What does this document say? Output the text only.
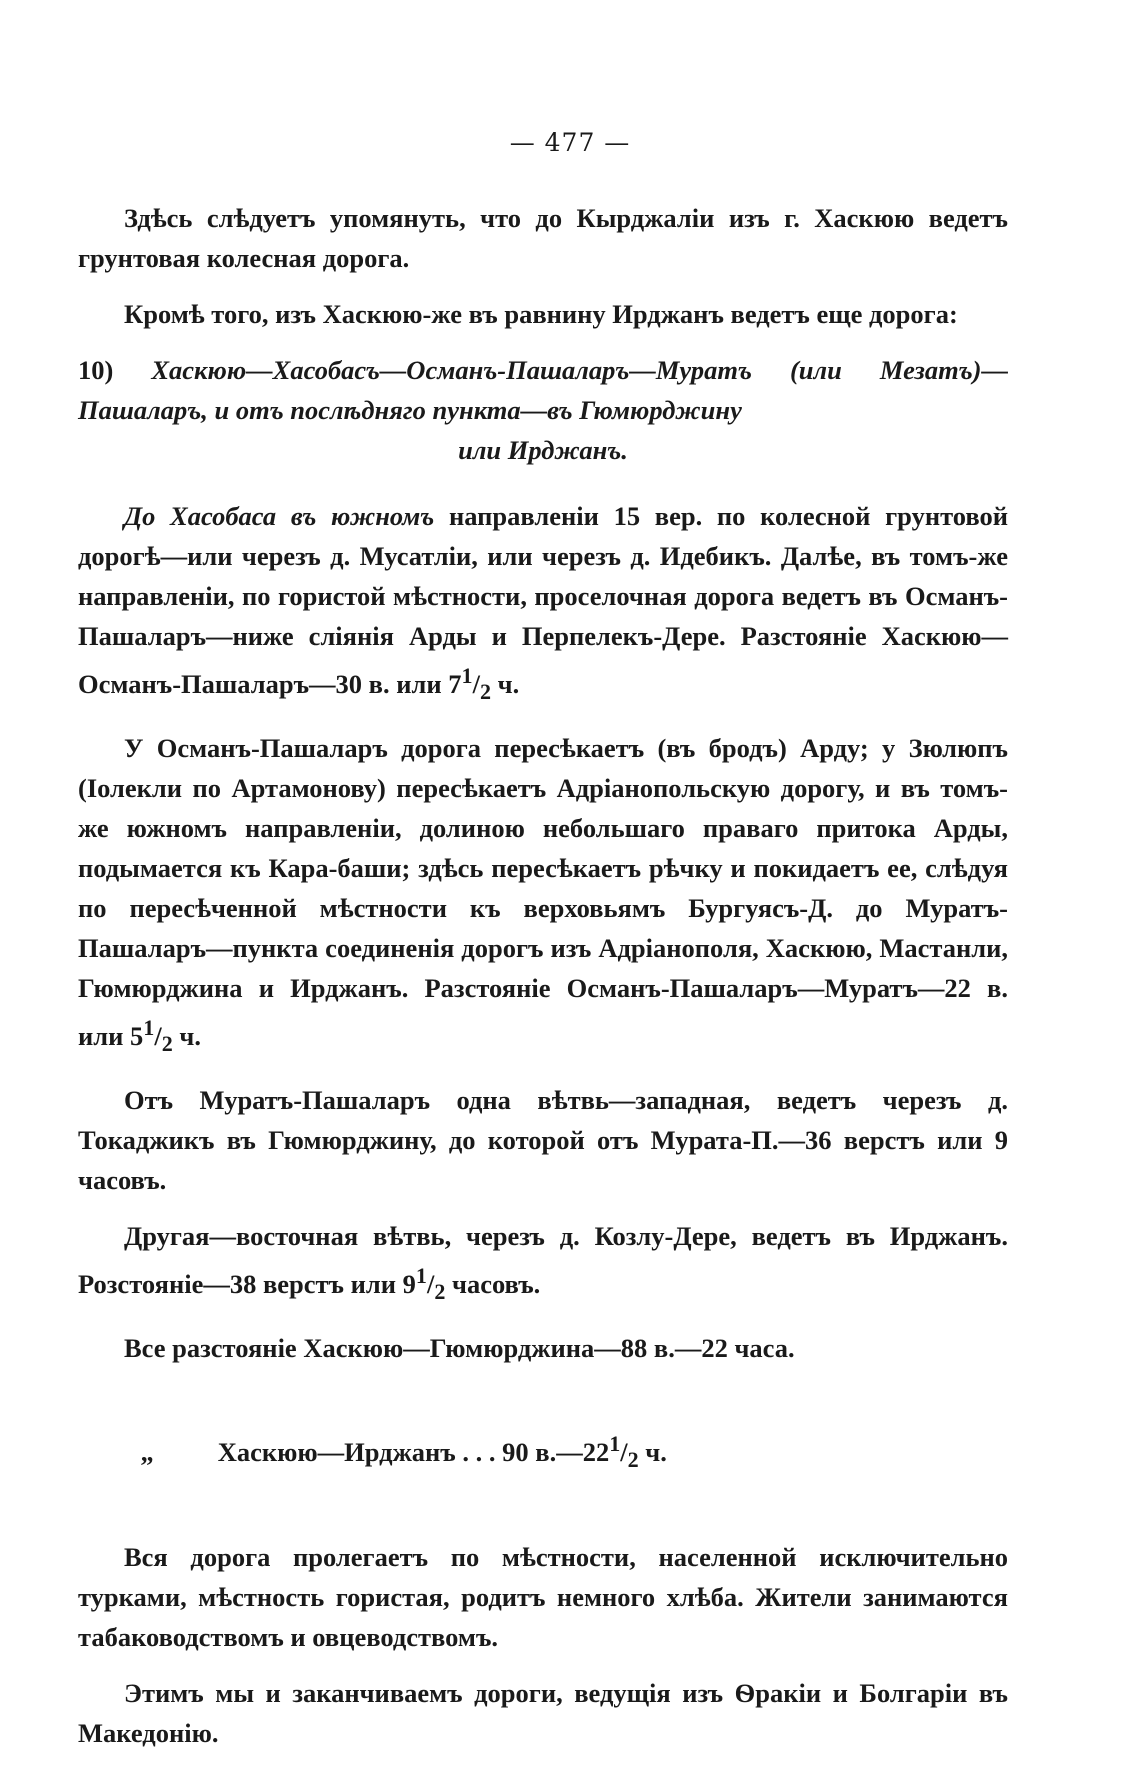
— 477 —

Здѣсь слѣдуетъ упомянуть, что до Кырджаліи изъ г. Хаскюю ведетъ грунтовая колесная дорога.

Кромѣ того, изъ Хаскюю-же въ равнину Ирджанъ ведетъ еще дорога:

10) Хаскюю—Хасобасъ—Османъ-Пашаларъ—Муратъ (или Мезатъ)—Пашаларъ, и отъ послѣдняго пункта—въ Гюмюрджину
или Ирджанъ.

До Хасобаса въ южномъ направленіи 15 вер. по колесной грунтовой дорогѣ—или черезъ д. Мусатліи, или черезъ д. Идебикъ. Далѣе, въ томъ-же направленіи, по гористой мѣстности, проселочная дорога ведетъ въ Османъ-Пашаларъ—ниже сліянія Арды и Перпелекъ-Дере. Разстояніе Хаскюю—Османъ-Пашаларъ—30 в. или $7^1/_2$ ч.

У Османъ-Пашаларъ дорога пересѣкаетъ (въ бродъ) Арду; у Зюлюпъ (Іолекли по Артамонову) пересѣкаетъ Адріанопольскую дорогу, и въ томъ-же южномъ направленіи, долиною небольшаго праваго притока Арды, подымается къ Кара-баши; здѣсь пересѣкаетъ рѣчку и покидаетъ ее, слѣдуя по пересѣченной мѣстности къ верховьямъ Бургуясъ-Д. до Муратъ-Пашаларъ—пункта соединенія дорогъ изъ Адріанополя, Хаскюю, Мастанли, Гюмюрджина и Ирджанъ. Разстояніе Османъ-Пашаларъ—Муратъ—22 в. или $5^1/_2$ ч.

Отъ Муратъ-Пашаларъ одна вѣтвь—западная, ведетъ черезъ д. Токаджикъ въ Гюмюрджину, до которой отъ Мурата-П.—36 верстъ или 9 часовъ.

Другая—восточная вѣтвь, черезъ д. Козлу-Дере, ведетъ въ Ирджанъ. Розстояніе—38 верстъ или $9^1/_2$ часовъ.

Все разстояніе Хаскюю—Гюмюрджина—88 в.—22 часа.

„ Хаскюю—Ирджанъ . . . 90 $в.—22^1/_2$ ч.

Вся дорога пролегаетъ по мѣстности, населенной исключительно турками, мѣстность гористая, родитъ немного хлѣба. Жители занимаются табаководствомъ и овцеводствомъ.

Этимъ мы и заканчиваемъ дороги, ведущія изъ Ѳракіи и Болгаріи въ Македонію.
